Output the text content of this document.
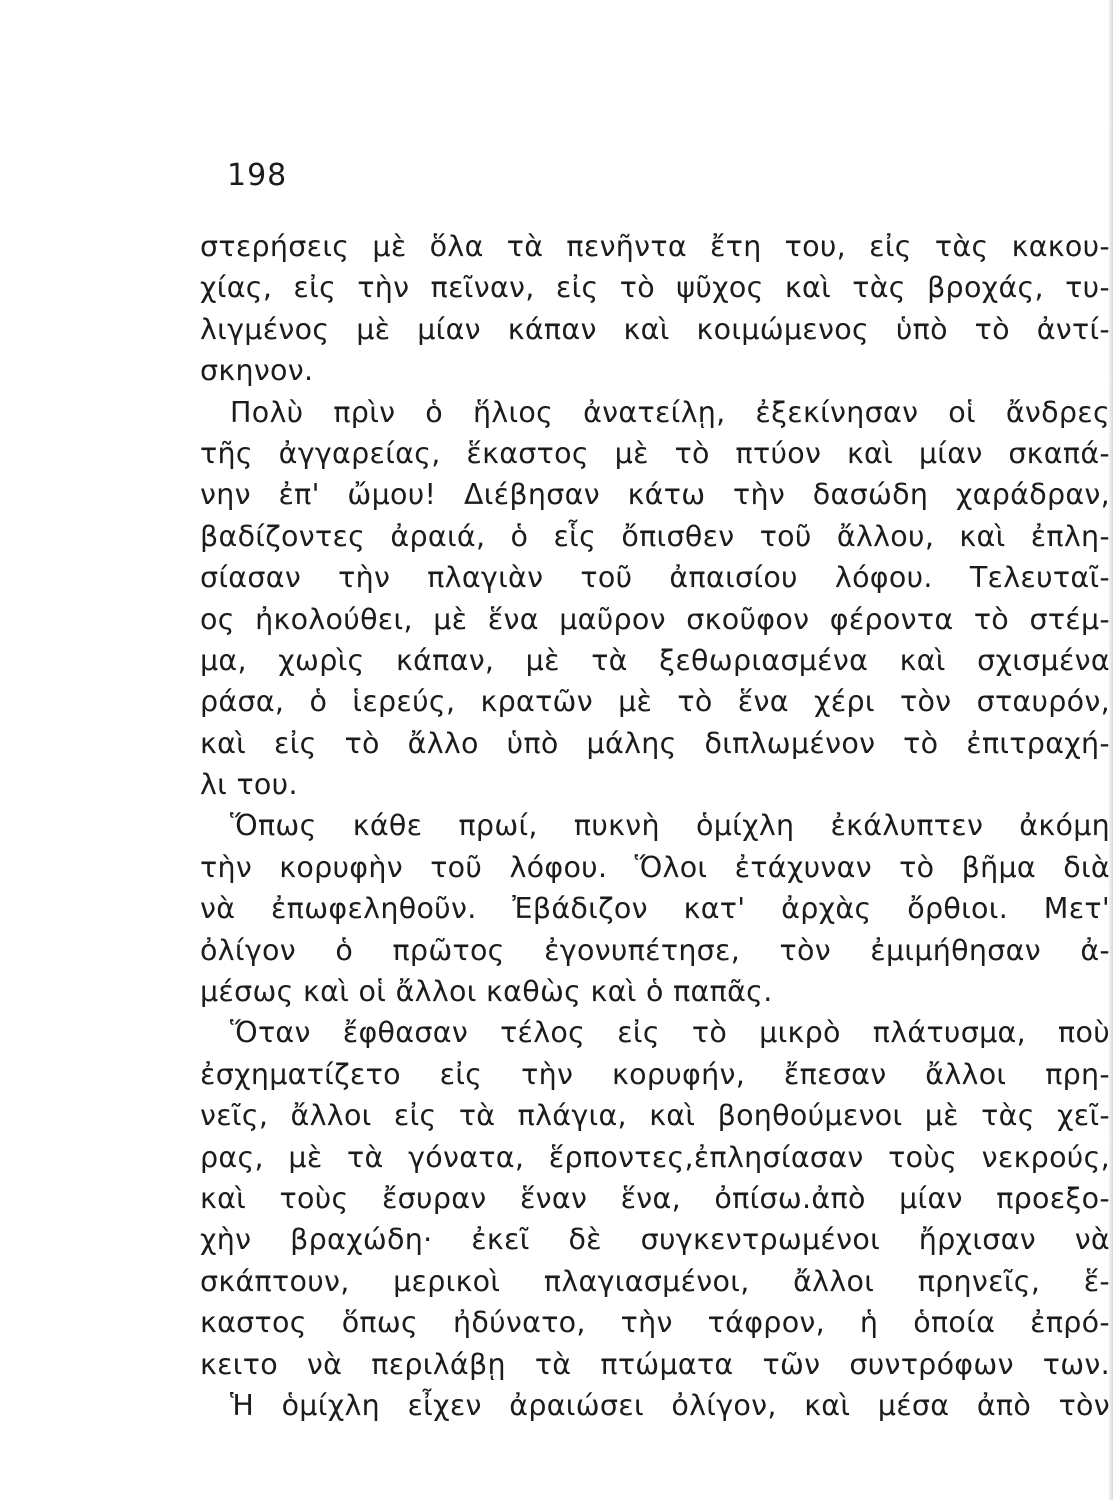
198
στερήσεις μὲ ὅλα τὰ πενῆντα ἔτη του, εἰς τὰς κακου-
χίας, εἰς τὴν πεῖναν, εἰς τὸ ψῦχος καὶ τὰς βροχάς, τυ-
λιγμένος μὲ μίαν κάπαν καὶ κοιμώμενος ὑπὸ τὸ ἀντί-
σκηνον.
Πολὺ πρὶν ὁ ἥλιος ἀνατείλῃ, ἐξεκίνησαν οἱ ἄνδρες
τῆς ἀγγαρείας, ἕκαστος μὲ τὸ πτύον καὶ μίαν σκαπά-
νην ἐπ' ὤμου! Διέβησαν κάτω τὴν δασώδη χαράδραν,
βαδίζοντες ἀραιά, ὁ εἷς ὄπισθεν τοῦ ἄλλου, καὶ ἐπλη-
σίασαν τὴν πλαγιὰν τοῦ ἀπαισίου λόφου. Τελευταῖ-
ος ἠκολούθει, μὲ ἕνα μαῦρον σκοῦφον φέροντα τὸ στέμ-
μα, χωρὶς κάπαν, μὲ τὰ ξεθωριασμένα καὶ σχισμένα
ράσα, ὁ ἱερεύς, κρατῶν μὲ τὸ ἕνα χέρι τὸν σταυρόν,
καὶ εἰς τὸ ἄλλο ὑπὸ μάλης διπλωμένον τὸ ἐπιτραχή-
λι του.
Ὅπως κάθε πρωί, πυκνὴ ὁμίχλη ἐκάλυπτεν ἀκόμη
τὴν κορυφὴν τοῦ λόφου. Ὅλοι ἐτάχυναν τὸ βῆμα διὰ
νὰ ἐπωφεληθοῦν. Ἐβάδιζον κατ' ἀρχὰς ὄρθιοι. Μετ'
ὀλίγον ὁ πρῶτος ἐγονυπέτησε, τὸν ἐμιμήθησαν ἀ-
μέσως καὶ οἱ ἄλλοι καθὼς καὶ ὁ παπᾶς.
Ὅταν ἔφθασαν τέλος εἰς τὸ μικρὸ πλάτυσμα, ποὺ
ἐσχηματίζετο εἰς τὴν κορυφήν, ἔπεσαν ἄλλοι πρη-
νεῖς, ἄλλοι εἰς τὰ πλάγια, καὶ βοηθούμενοι μὲ τὰς χεῖ-
ρας, μὲ τὰ γόνατα, ἕρποντες,ἐπλησίασαν τοὺς νεκρούς,
καὶ τοὺς ἔσυραν ἕναν ἕνα, ὀπίσω.ἀπὸ μίαν προεξο-
χὴν βραχώδη· ἐκεῖ δὲ συγκεντρωμένοι ἤρχισαν νὰ
σκάπτουν, μερικοὶ πλαγιασμένοι, ἄλλοι πρηνεῖς, ἕ-
καστος ὅπως ἠδύνατο, τὴν τάφρον, ἡ ὁποία ἐπρό-
κειτο νὰ περιλάβῃ τὰ πτώματα τῶν συντρόφων των.
Ἡ ὁμίχλη εἶχεν ἀραιώσει ὀλίγον, καὶ μέσα ἀπὸ τὸν
